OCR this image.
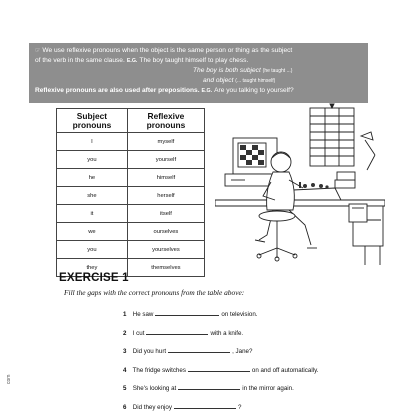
☞ We use reflexive pronouns when the object is the same person or thing as the subject
of the verb in the same clause. E.G. The boy taught himself to play chess.
The boy is both subject (he taught ...)
and object (... taught himself)
Reflexive pronouns are also used after prepositions. E.G. Are you talking to yourself?
Subject pronouns	Reflexive pronouns
I	myself
you	yourself
he	himself
she	herself
it	itself
we	ourselves
you	yourselves
they	themselves
EXERCISE 1
Fill the gaps with the correct pronouns from the table above:
1 He saw	on television.
2 I cut	with a knife.
3 Did you hurt	, Jane?
4 The fridge switches	on and off automatically.
5 She's looking at	in the mirror again.
6 Did they enjoy	?
com
